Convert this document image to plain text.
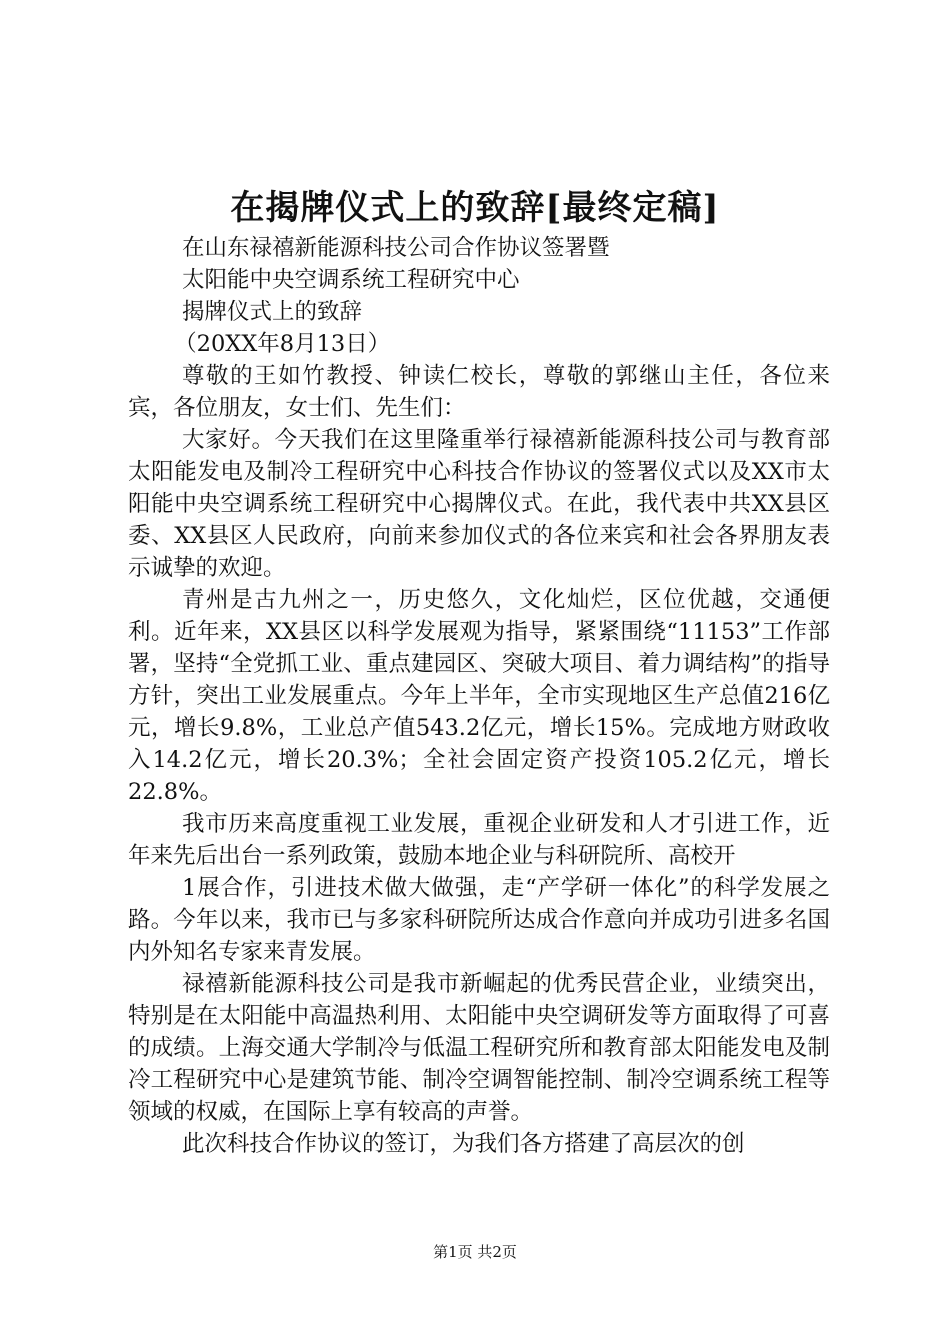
在揭牌仪式上的致辞[最终定稿]

在山东禄禧新能源科技公司合作协议签署暨

太阳能中央空调系统工程研究中心

揭牌仪式上的致辞

（20XX年8月13日）

尊敬的王如竹教授、钟读仁校长，尊敬的郭继山主任，各位来宾，各位朋友，女士们、先生们：

大家好。今天我们在这里隆重举行禄禧新能源科技公司与教育部太阳能发电及制冷工程研究中心科技合作协议的签署仪式以及XX市太阳能中央空调系统工程研究中心揭牌仪式。在此，我代表中共XX县区委、XX县区人民政府，向前来参加仪式的各位来宾和社会各界朋友表示诚挚的欢迎。

青州是古九州之一，历史悠久，文化灿烂，区位优越，交通便利。近年来，XX县区以科学发展观为指导，紧紧围绕“11153”工作部署，坚持“全党抓工业、重点建园区、突破大项目、着力调结构”的指导方针，突出工业发展重点。今年上半年，全市实现地区生产总值216亿元，增长9.8%，工业总产值543.2亿元，增长15%。完成地方财政收入14.2亿元，增长20.3%；全社会固定资产投资105.2亿元，增长22.8%。

我市历来高度重视工业发展，重视企业研发和人才引进工作，近年来先后出台一系列政策，鼓励本地企业与科研院所、高校开

1展合作，引进技术做大做强，走“产学研一体化”的科学发展之路。今年以来，我市已与多家科研院所达成合作意向并成功引进多名国内外知名专家来青发展。

禄禧新能源科技公司是我市新崛起的优秀民营企业，业绩突出，特别是在太阳能中高温热利用、太阳能中央空调研发等方面取得了可喜的成绩。上海交通大学制冷与低温工程研究所和教育部太阳能发电及制冷工程研究中心是建筑节能、制冷空调智能控制、制冷空调系统工程等领域的权威，在国际上享有较高的声誉。

此次科技合作协议的签订，为我们各方搭建了高层次的创

第1页 共2页
